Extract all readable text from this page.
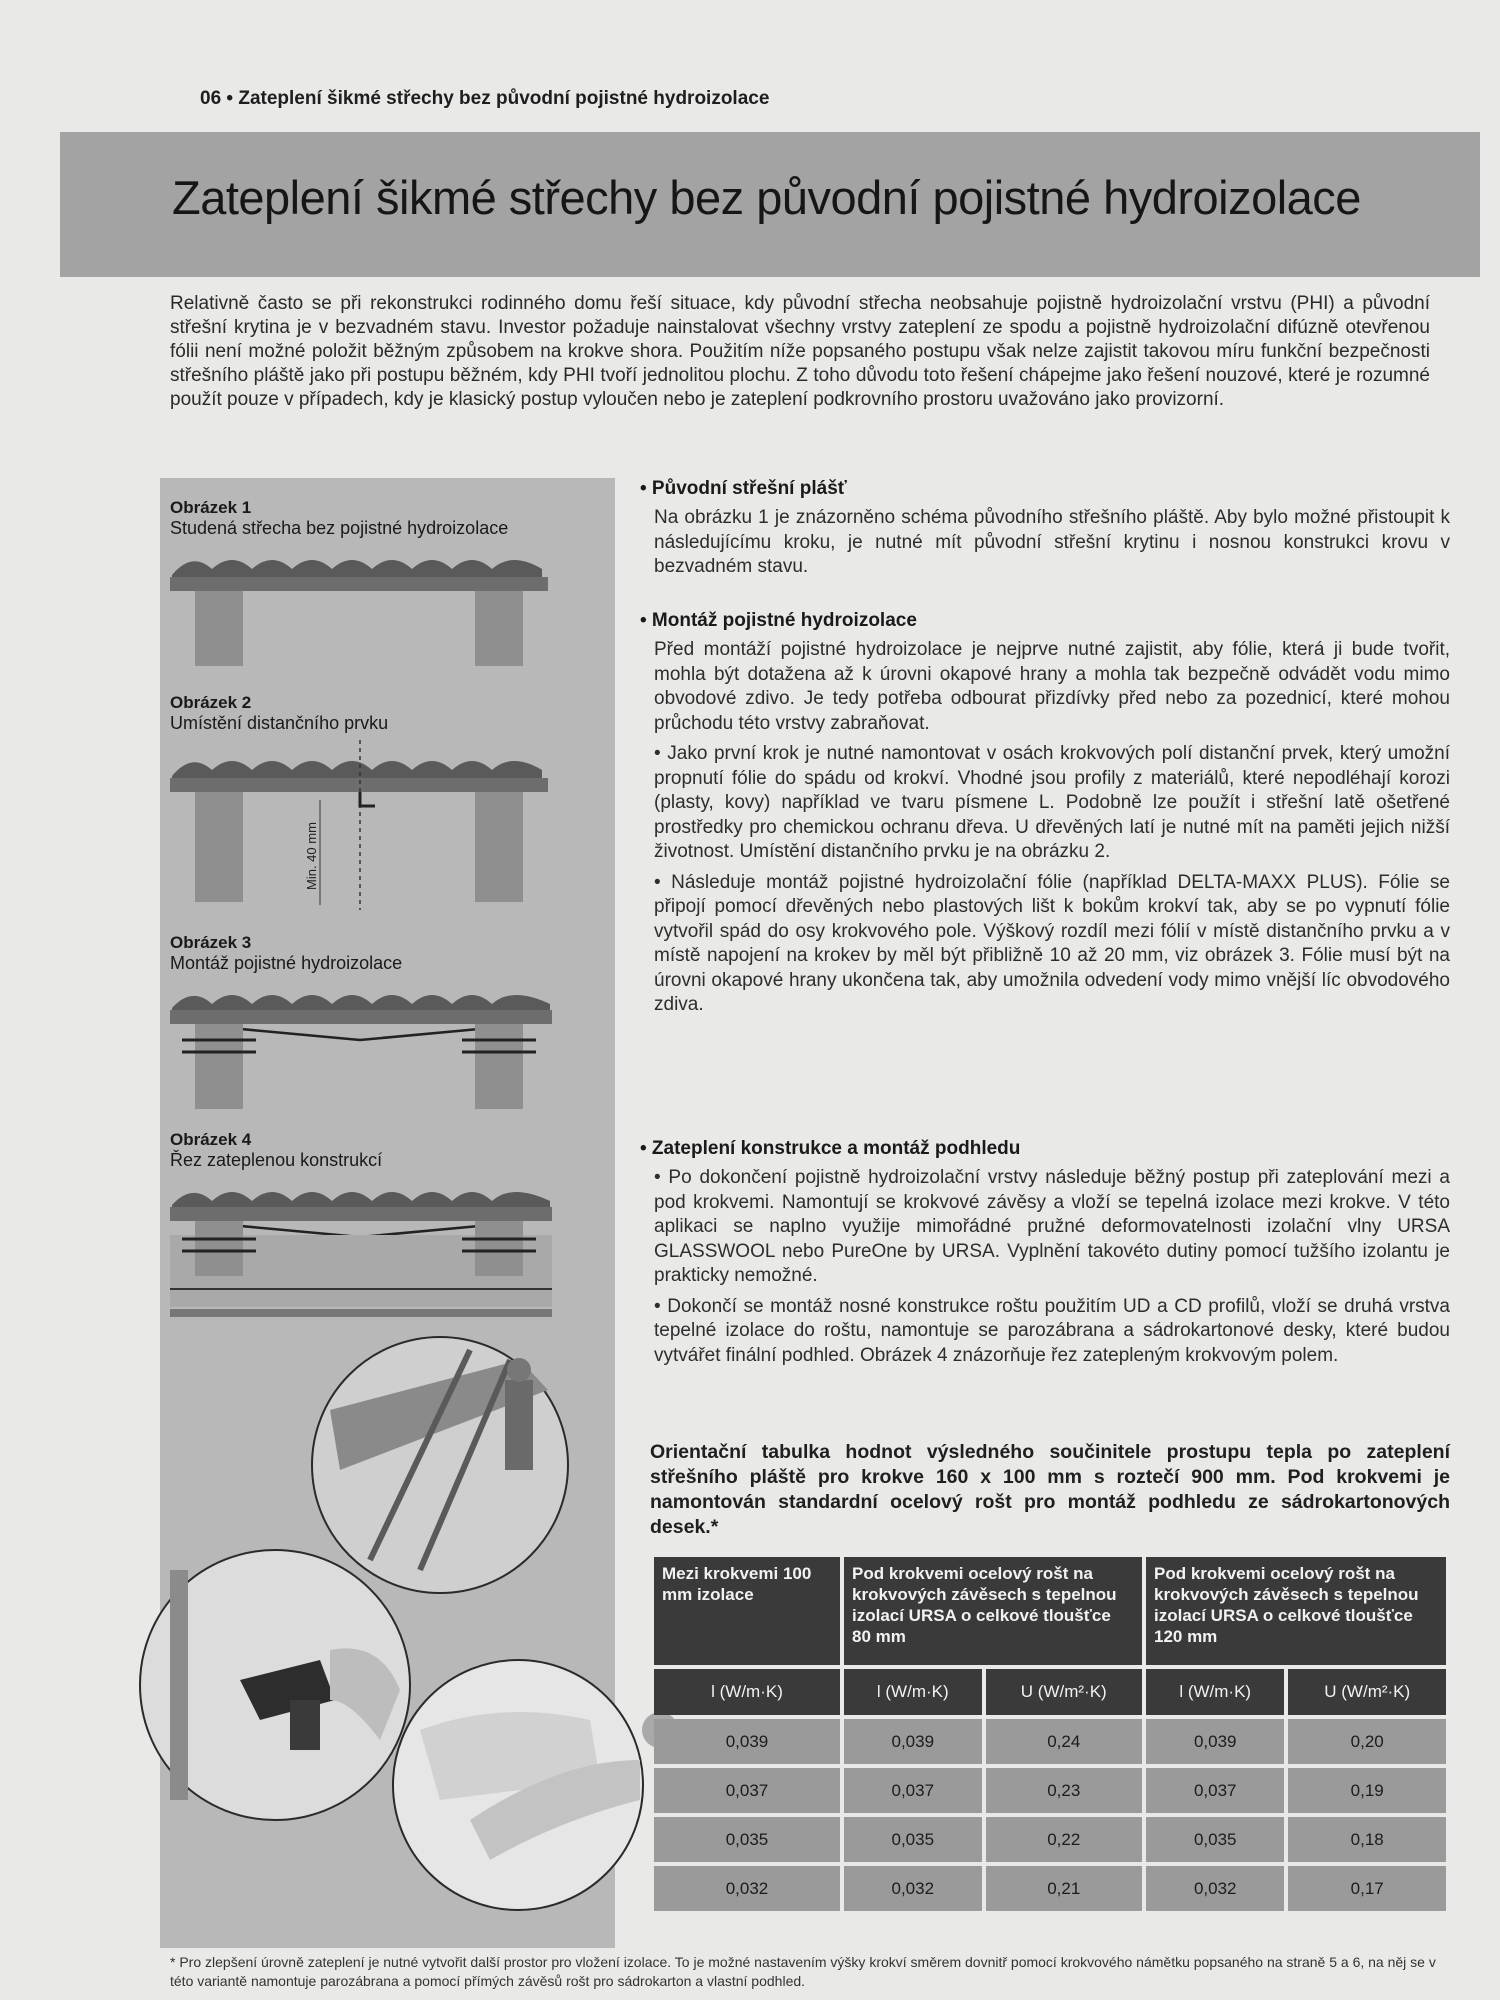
06 • Zateplení šikmé střechy bez původní pojistné hydroizolace
Zateplení šikmé střechy bez původní pojistné hydroizolace

Relativně často se při rekonstrukci rodinného domu řeší situace, kdy původní střecha neobsahuje pojistně hydroizolační vrstvu (PHI) a původní střešní krytina je v bezvadném stavu. Investor požaduje nainstalovat všechny vrstvy zateplení ze spodu a pojistně hydroizolační difúzně otevřenou fólii není možné položit běžným způsobem na krokve shora. Použitím níže popsaného postupu však nelze zajistit takovou míru funkční bezpečnosti střešního pláště jako při postupu běžném, kdy PHI tvoří jednolitou plochu. Z toho důvodu toto řešení chápejme jako řešení nouzové, které je rozumné použít pouze v případech, kdy je klasický postup vyloučen nebo je zateplení podkrovního prostoru uvažováno jako provizorní.

Obrázek 1
Studená střecha bez pojistné hydroizolace
Obrázek 2
Umístění distančního prvku
Min. 40 mm
Obrázek 3
Montáž pojistné hydroizolace
Obrázek 4
Řez zateplenou konstrukcí

• Původní střešní plášť

Na obrázku 1 je znázorněno schéma původního střešního pláště. Aby bylo možné přistoupit k následujícímu kroku, je nutné mít původní střešní krytinu i nosnou konstrukci krovu v bezvadném stavu.

• Montáž pojistné hydroizolace

Před montáží pojistné hydroizolace je nejprve nutné zajistit, aby fólie, která ji bude tvořit, mohla být dotažena až k úrovni okapové hrany a mohla tak bezpečně odvádět vodu mimo obvodové zdivo. Je tedy potřeba odbourat přizdívky před nebo za pozednicí, které mohou průchodu této vrstvy zabraňovat.

• Jako první krok je nutné namontovat v osách krokvových polí distanční prvek, který umožní propnutí fólie do spádu od krokví. Vhodné jsou profily z materiálů, které nepodléhají korozi (plasty, kovy) například ve tvaru písmene L. Podobně lze použít i střešní latě ošetřené prostředky pro chemickou ochranu dřeva. U dřevěných latí je nutné mít na paměti jejich nižší životnost. Umístění distančního prvku je na obrázku 2.

• Následuje montáž pojistné hydroizolační fólie (například DELTA-MAXX PLUS). Fólie se připojí pomocí dřevěných nebo plastových lišt k bokům krokví tak, aby se po vypnutí fólie vytvořil spád do osy krokvového pole. Výškový rozdíl mezi fólií v místě distančního prvku a v místě napojení na krokev by měl být přibližně 10 až 20 mm, viz obrázek 3. Fólie musí být na úrovni okapové hrany ukončena tak, aby umožnila odvedení vody mimo vnější líc obvodového zdiva.

• Zateplení konstrukce a montáž podhledu

• Po dokončení pojistně hydroizolační vrstvy následuje běžný postup při zateplování mezi a pod krokvemi. Namontují se krokvové závěsy a vloží se tepelná izolace mezi krokve. V této aplikaci se naplno využije mimořádné pružné deformovatelnosti izolační vlny URSA GLASSWOOL nebo PureOne by URSA. Vyplnění takovéto dutiny pomocí tužšího izolantu je prakticky nemožné.

• Dokončí se montáž nosné konstrukce roštu použitím UD a CD profilů, vloží se druhá vrstva tepelné izolace do roštu, namontuje se parozábrana a sádrokartonové desky, které budou vytvářet finální podhled. Obrázek 4 znázorňuje řez zatepleným krokvovým polem.

Orientační tabulka hodnot výsledného součinitele prostupu tepla po zateplení střešního pláště pro krokve 160 x 100 mm s roztečí 900 mm. Pod krokvemi je namontován standardní ocelový rošt pro montáž podhledu ze sádrokartonových desek.*

Mezi krokvemi 100 mm izolace	Pod krokvemi ocelový rošt na krokvových závěsech s tepelnou izolací URSA o celkové tloušťce 80 mm		Pod krokvemi ocelový rošt na krokvových závěsech s tepelnou izolací URSA o celkové tloušťce 120 mm	
l (W/m·K)	l (W/m·K)	U (W/m²·K)	l (W/m·K)	U (W/m²·K)
0,039	0,039	0,24	0,039	0,20
0,037	0,037	0,23	0,037	0,19
0,035	0,035	0,22	0,035	0,18
0,032	0,032	0,21	0,032	0,17

* Pro zlepšení úrovně zateplení je nutné vytvořit další prostor pro vložení izolace. To je možné nastavením výšky krokví směrem dovnitř pomocí krokvového námětku popsaného na straně 5 a 6, na něj se v této variantě namontuje parozábrana a pomocí přímých závěsů rošt pro sádrokarton a vlastní podhled.
